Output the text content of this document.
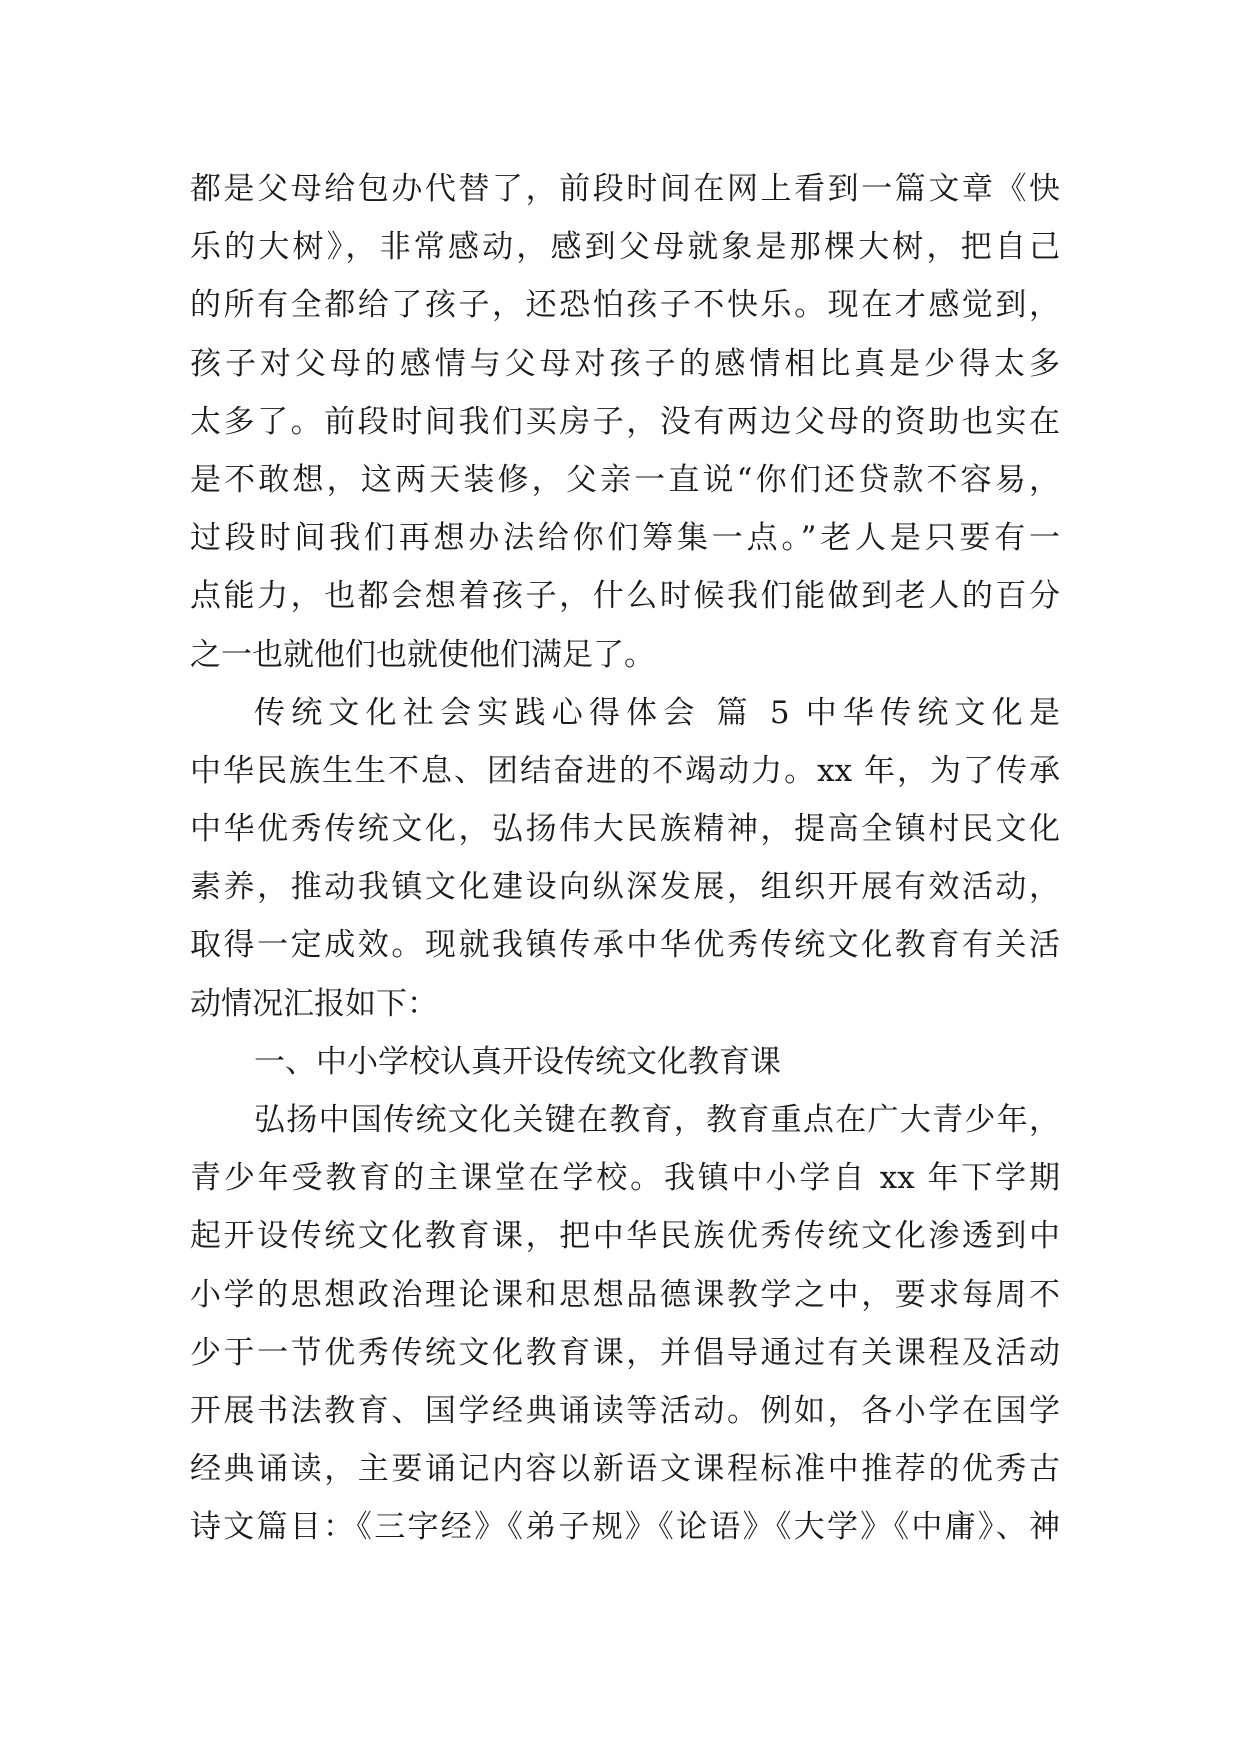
都是父母给包办代替了，前段时间在网上看到一篇文章《快
乐的大树》，非常感动，感到父母就象是那棵大树，把自己
的所有全都给了孩子，还恐怕孩子不快乐。现在才感觉到，
孩子对父母的感情与父母对孩子的感情相比真是少得太多
太多了。前段时间我们买房子，没有两边父母的资助也实在
是不敢想，这两天装修，父亲一直说“你们还贷款不容易，
过段时间我们再想办法给你们筹集一点。”老人是只要有一
点能力，也都会想着孩子，什么时候我们能做到老人的百分
之一也就他们也就使他们满足了。
传统文化社会实践心得体会 篇 5 中华传统文化是
中华民族生生不息、团结奋进的不竭动力。xx 年，为了传承
中华优秀传统文化，弘扬伟大民族精神，提高全镇村民文化
素养，推动我镇文化建设向纵深发展，组织开展有效活动，
取得一定成效。现就我镇传承中华优秀传统文化教育有关活
动情况汇报如下：
一、中小学校认真开设传统文化教育课
弘扬中国传统文化关键在教育，教育重点在广大青少年，
青少年受教育的主课堂在学校。我镇中小学自 xx 年下学期
起开设传统文化教育课，把中华民族优秀传统文化渗透到中
小学的思想政治理论课和思想品德课教学之中，要求每周不
少于一节优秀传统文化教育课，并倡导通过有关课程及活动
开展书法教育、国学经典诵读等活动。例如，各小学在国学
经典诵读，主要诵记内容以新语文课程标准中推荐的优秀古
诗文篇目：《三字经》《弟子规》《论语》《大学》《中庸》、神
